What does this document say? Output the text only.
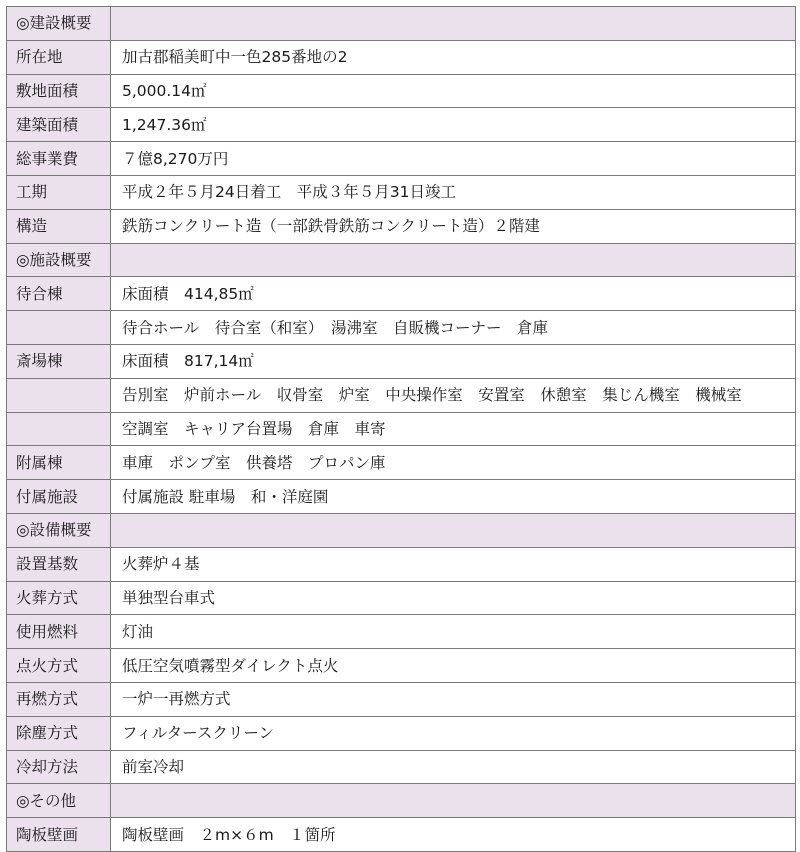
◎建設概要	
所在地	加古郡稲美町中一色285番地の2
敷地面積	5,000.14㎡
建築面積	1,247.36㎡
総事業費	７億8,270万円
工期	平成２年５月24日着工　平成３年５月31日竣工
構造	鉄筋コンクリート造（一部鉄骨鉄筋コンクリート造）２階建
◎施設概要	
待合棟	床面積　414,85㎡
	待合ホール　待合室（和室）　湯沸室　自販機コーナー　倉庫
斎場棟	床面積　817,14㎡
	告別室　炉前ホール　収骨室　炉室　中央操作室　安置室　休憩室　集じん機室　機械室
	空調室　キャリア台置場　倉庫　車寄
附属棟	車庫　ポンプ室　供養塔　プロパン庫
付属施設	付属施設 駐車場　和・洋庭園
◎設備概要	
設置基数	火葬炉４基
火葬方式	単独型台車式
使用燃料	灯油
点火方式	低圧空気噴霧型ダイレクト点火
再燃方式	一炉一再燃方式
除塵方式	フィルタースクリーン
冷却方法	前室冷却
◎その他	
陶板壁画	陶板壁画　２m×６m　１箇所
